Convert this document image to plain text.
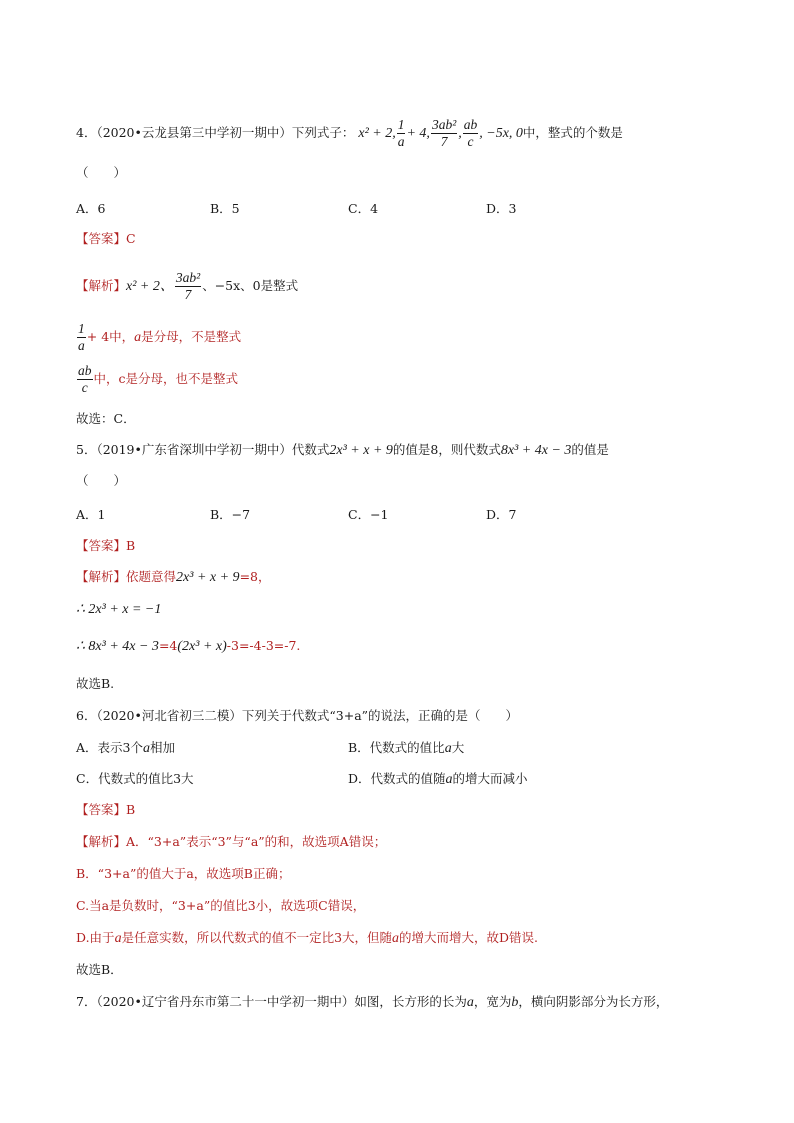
4．（2020•云龙县第三中学初一期中）下列式子： x² + 2, $\frac{1}{a} + 4$, $\frac{\text{3ab²}}{7}$ , $\frac{ab}{c}$ , −5x, 0中，整式的个数是
（　　）
A．6	B．5	C．4	D．3
【答案】C
【解析】x² + 2、 $\frac{\text{3ab²}}{7}$ 、−5x、0是整式
$\frac{1}{a} + 4$中，a是分母，不是整式
$\frac{ab}{c}$ 中，c是分母，也不是整式
故选：C．
5．（2019•广东省深圳中学初一期中）代数式2x³ + x + 9的值是8，则代数式8x³ + 4x − 3的值是
（　　）
A．1	B．−7	C．−1	D．7
【答案】B
【解析】依题意得2x³ + x + 9=8，
∴ 2x³ + x = −1
∴ 8x³ + 4x − 3=4(2x³ + x)-3=-4-3=-7.
故选B.
6．（2020•河北省初三二模）下列关于代数式“3+a”的说法，正确的是（　　）
A．表示3个a相加	B．代数式的值比a大
C．代数式的值比3大	D．代数式的值随a的增大而减小
【答案】B
【解析】A．“3+a”表示“3”与“a”的和，故选项A错误；
B．“3+a”的值大于a，故选项B正确；
C.当a是负数时，“3+a”的值比3小，故选项C错误，
D.由于a是任意实数，所以代数式的值不一定比3大，但随a的增大而增大，故D错误.
故选B．
7．（2020•辽宁省丹东市第二十一中学初一期中）如图，长方形的长为a，宽为b，横向阴影部分为长方形，
